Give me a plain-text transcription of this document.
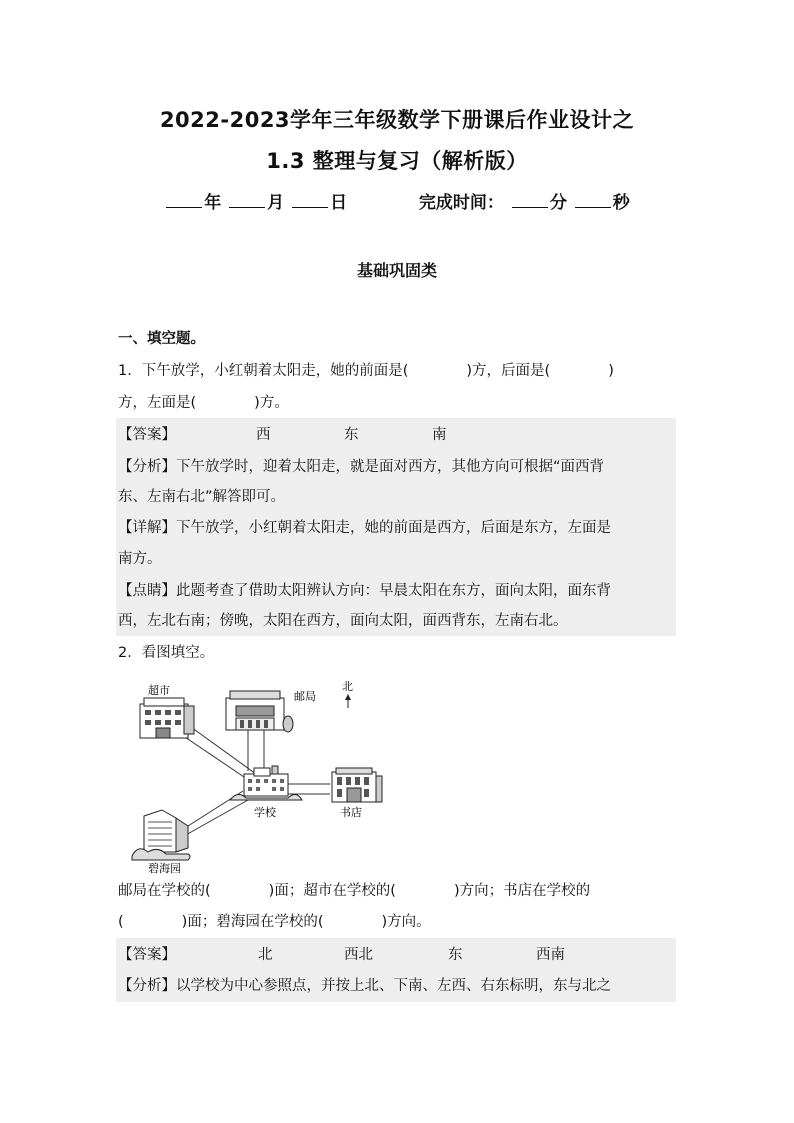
2022-2023学年三年级数学下册课后作业设计之
1.3 整理与复习（解析版）
年	月	日	完成时间：	分	秒
基础巩固类
一、填空题。
1．下午放学，小红朝着太阳走，她的前面是(　　　　)方，后面是(　　　　)
方，左面是(　　　　)方。
【答案】	西	东	南
【分析】下午放学时，迎着太阳走，就是面对西方，其他方向可根据“面西背
东、左南右北”解答即可。
【详解】下午放学，小红朝着太阳走，她的前面是西方，后面是东方，左面是
南方。
【点睛】此题考查了借助太阳辨认方向：早晨太阳在东方，面向太阳，面东背
西，左北右南；傍晚，太阳在西方，面向太阳，面西背东，左南右北。
2．看图填空。
超市	邮局
北
学校	书店
碧海园
邮局在学校的(　　　　)面；超市在学校的(　　　　)方向；书店在学校的
(　　　　)面；碧海园在学校的(　　　　)方向。
【答案】	北	西北	东	西南
【分析】以学校为中心参照点，并按上北、下南、左西、右东标明，东与北之
